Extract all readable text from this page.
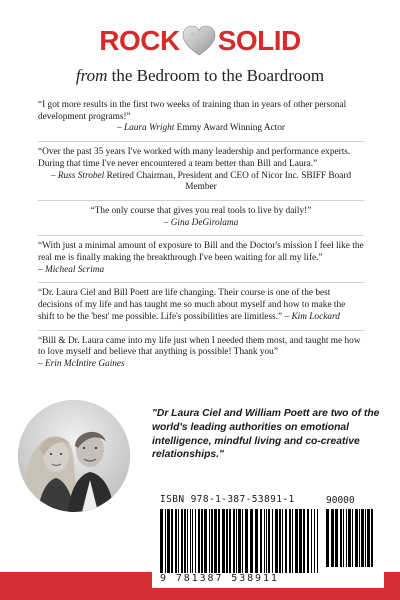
ROCK SOLID
from the Bedroom to the Boardroom
“I got more results in the first two weeks of training than in years of other personal development programs!”
– Laura Wright Emmy Award Winning Actor
“Over the past 35 years I've worked with many leadership and performance experts. During that time I've never encountered a team better than Bill and Laura.”
– Russ Strobel Retired Chairman, President and CEO of Nicor Inc. SBIFF Board Member
“The only course that gives you real tools to live by daily!”
– Gina DeGirolama
“With just a minimal amount of exposure to Bill and the Doctor's mission I feel like the real me is finally making the breakthrough I've been waiting for all my life.” – Micheal Scrima
“Dr. Laura Ciel and Bill Poett are life changing. Their course is one of the best decisions of my life and has taught me so much about myself and how to make the shift to be the 'best' me possible. Life's possibilities are limitless.” – Kim Lockard
“Bill & Dr. Laura came into my life just when I needed them most, and taught me how to love myself and believe that anything is possible! Thank you” – Erin McIntire Gaines
"Dr Laura Ciel and William Poett are two of the world's leading authorities on emotional intelligence, mindful living and co-creative relationships."
ISBN 978-1-387-53891-1	90000
9 781387 538911
